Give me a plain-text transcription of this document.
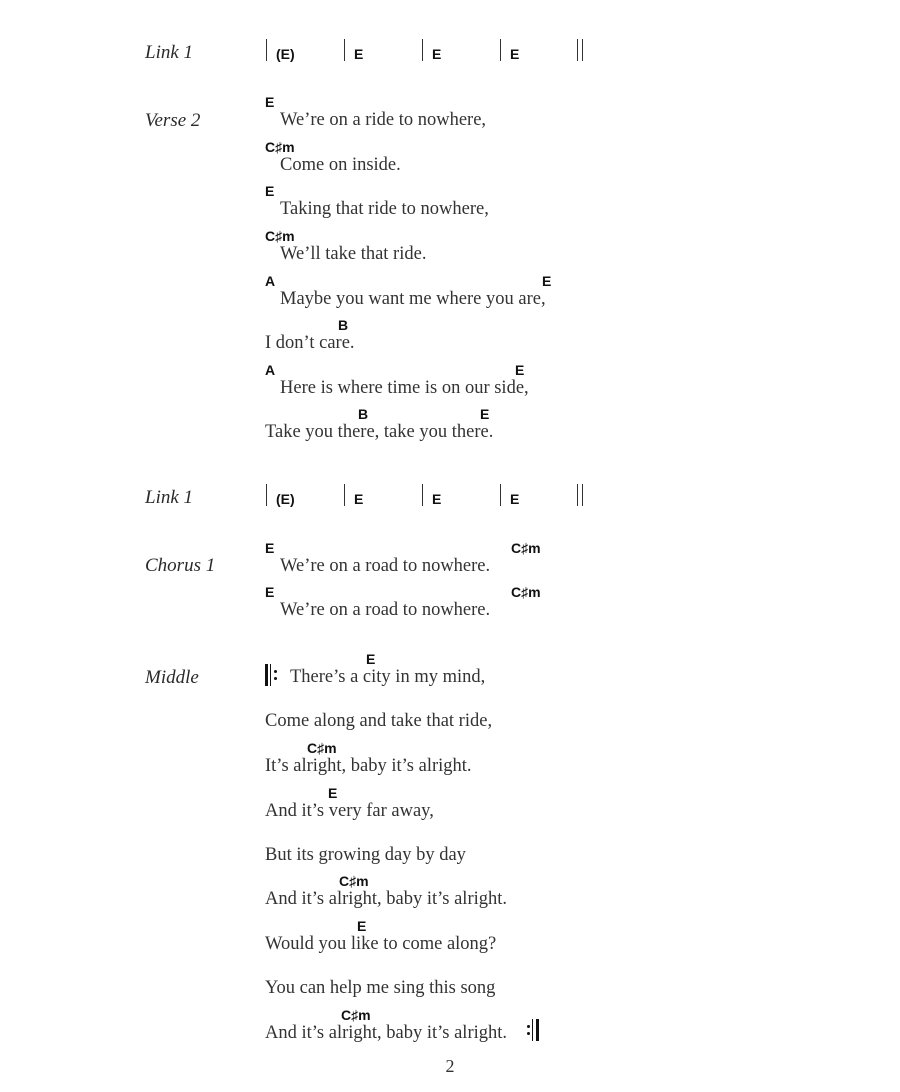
Link 1	(E)	E	E	E
Verse 2
E
We’re on a ride to nowhere,
C♯m
Come on inside.
E
Taking that ride to nowhere,
C♯m
We’ll take that ride.
A	E
Maybe you want me where you are,
B
I don’t care.
A	E
Here is where time is on our side,
B	E
Take you there, take you there.
Link 1	(E)	E	E	E
Chorus 1
E	C♯m
We’re on a road to nowhere.
E	C♯m
We’re on a road to nowhere.
Middle
E
There’s a city in my mind,
Come along and take that ride,
C♯m
It’s alright, baby it’s alright.
E
And it’s very far away,
But its growing day by day
C♯m
And it’s alright, baby it’s alright.
E
Would you like to come along?
You can help me sing this song
C♯m
And it’s alright, baby it’s alright.
2
